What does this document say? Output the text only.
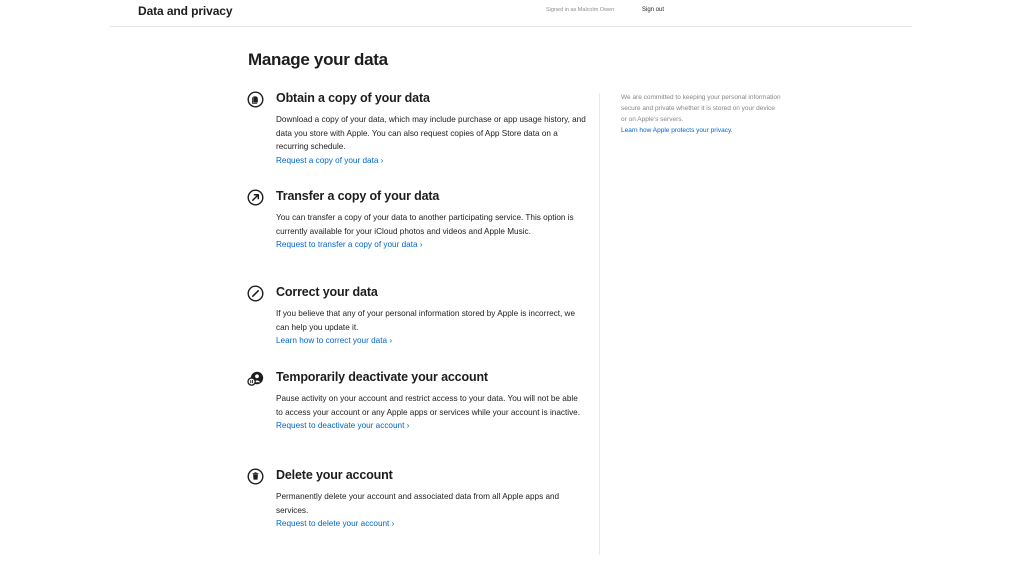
Data and privacy	Signed in as Malcolm Owen	Sign out
Manage your data
Obtain a copy of your data
Download a copy of your data, which may include purchase or app usage history, and data you store with Apple. You can also request copies of App Store data on a recurring schedule.
Request a copy of your data ›
Transfer a copy of your data
You can transfer a copy of your data to another participating service. This option is currently available for your iCloud photos and videos and Apple Music.
Request to transfer a copy of your data ›
Correct your data
If you believe that any of your personal information stored by Apple is incorrect, we can help you update it.
Learn how to correct your data ›
Temporarily deactivate your account
Pause activity on your account and restrict access to your data. You will not be able to access your account or any Apple apps or services while your account is inactive.
Request to deactivate your account ›
Delete your account
Permanently delete your account and associated data from all Apple apps and services.
Request to delete your account ›
We are committed to keeping your personal information secure and private whether it is stored on your device or on Apple's servers.
Learn how Apple protects your privacy.
